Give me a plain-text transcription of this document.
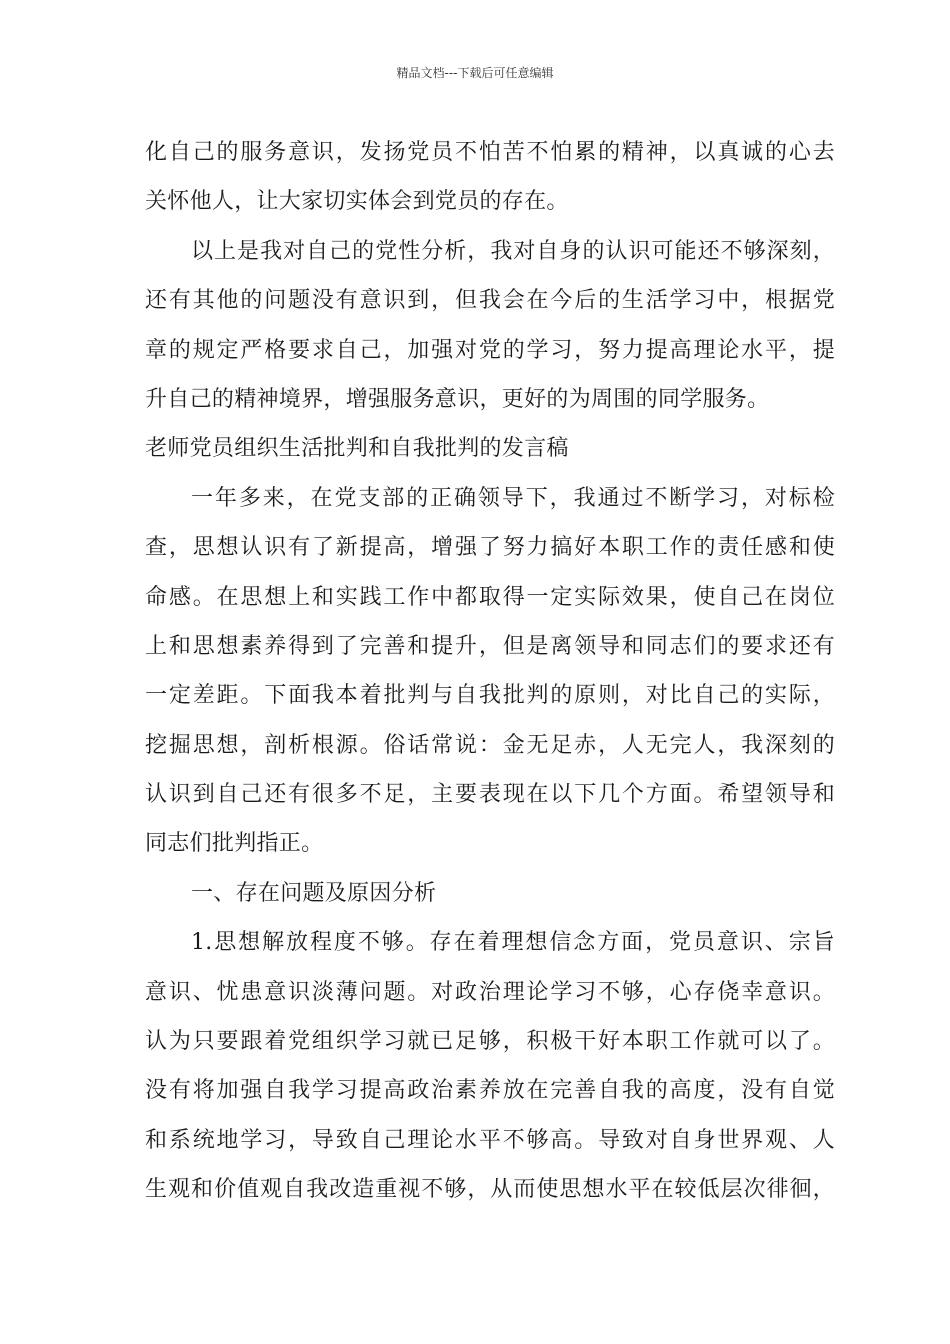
精品文档---下载后可任意编辑
化自己的服务意识，发扬党员不怕苦不怕累的精神，以真诚的心去
关怀他人，让大家切实体会到党员的存在。
以上是我对自己的党性分析，我对自身的认识可能还不够深刻，
还有其他的问题没有意识到，但我会在今后的生活学习中，根据党
章的规定严格要求自己，加强对党的学习，努力提高理论水平，提
升自己的精神境界，增强服务意识，更好的为周围的同学服务。
老师党员组织生活批判和自我批判的发言稿
一年多来，在党支部的正确领导下，我通过不断学习，对标检
查，思想认识有了新提高，增强了努力搞好本职工作的责任感和使
命感。在思想上和实践工作中都取得一定实际效果，使自己在岗位
上和思想素养得到了完善和提升，但是离领导和同志们的要求还有
一定差距。下面我本着批判与自我批判的原则，对比自己的实际，
挖掘思想，剖析根源。俗话常说：金无足赤，人无完人，我深刻的
认识到自己还有很多不足，主要表现在以下几个方面。希望领导和
同志们批判指正。
一、存在问题及原因分析
1.思想解放程度不够。存在着理想信念方面，党员意识、宗旨
意识、忧患意识淡薄问题。对政治理论学习不够，心存侥幸意识。
认为只要跟着党组织学习就已足够，积极干好本职工作就可以了。
没有将加强自我学习提高政治素养放在完善自我的高度，没有自觉
和系统地学习，导致自己理论水平不够高。导致对自身世界观、人
生观和价值观自我改造重视不够，从而使思想水平在较低层次徘徊，
